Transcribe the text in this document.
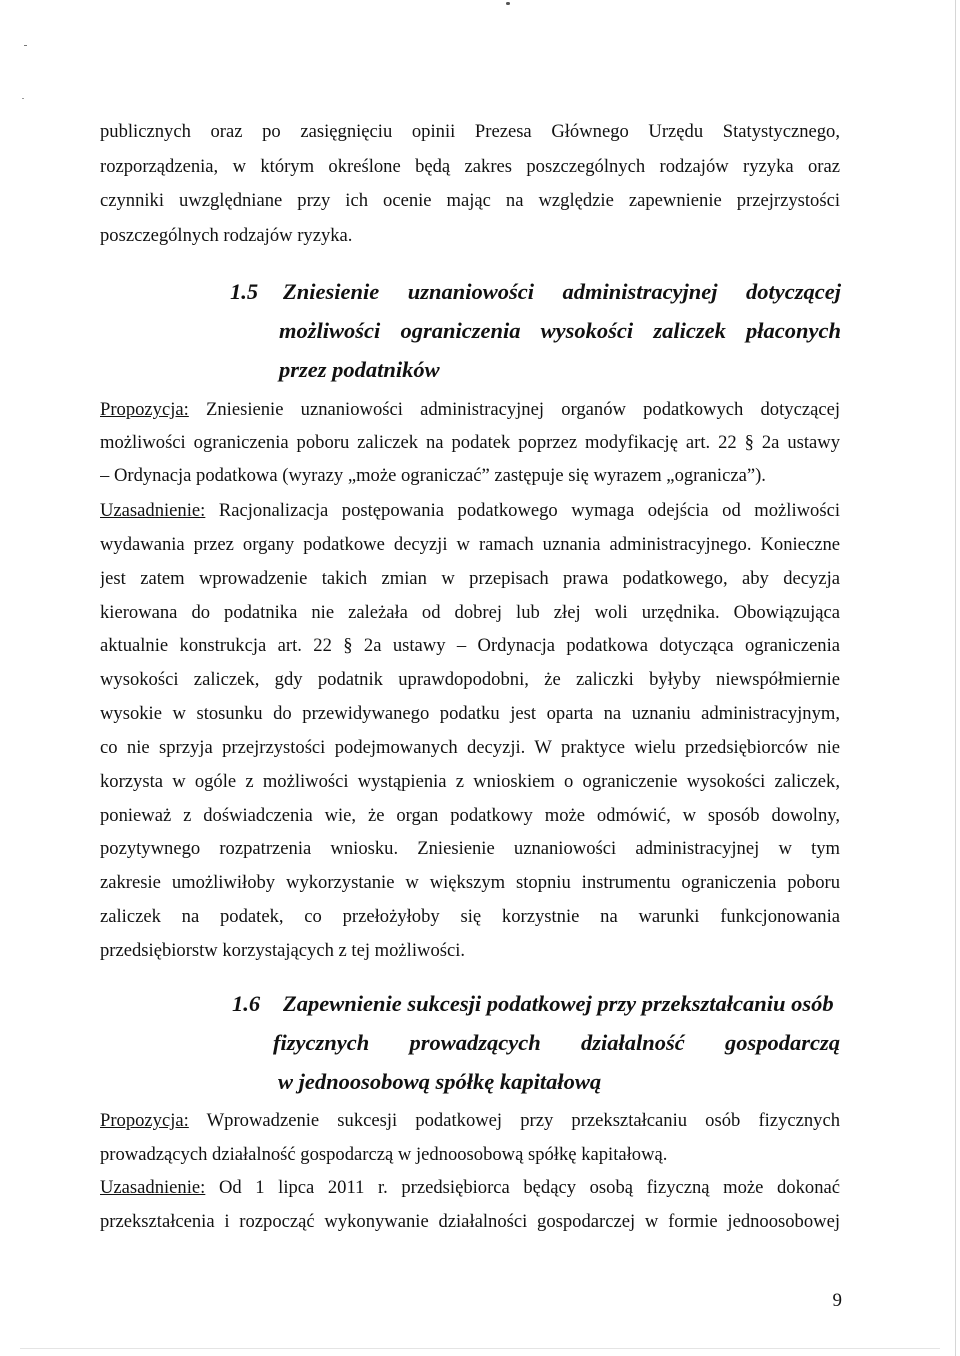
publicznych oraz po zasięgnięciu opinii Prezesa Głównego Urzędu Statystycznego,
rozporządzenia, w którym określone będą zakres poszczególnych rodzajów ryzyka oraz
czynniki uwzględniane przy ich ocenie mając na względzie zapewnienie przejrzystości
poszczególnych rodzajów ryzyka.
1.5	Zniesienie uznaniowości administracyjnej dotyczącej
możliwości ograniczenia wysokości zaliczek płaconych
przez podatników
Propozycja: Zniesienie uznaniowości administracyjnej organów podatkowych dotyczącej
możliwości ograniczenia poboru zaliczek na podatek poprzez modyfikację art. 22 § 2a ustawy
– Ordynacja podatkowa (wyrazy „może ograniczać” zastępuje się wyrazem „ogranicza”).
Uzasadnienie: Racjonalizacja postępowania podatkowego wymaga odejścia od możliwości
wydawania przez organy podatkowe decyzji w ramach uznania administracyjnego. Konieczne
jest zatem wprowadzenie takich zmian w przepisach prawa podatkowego, aby decyzja
kierowana do podatnika nie zależała od dobrej lub złej woli urzędnika. Obowiązująca
aktualnie konstrukcja art. 22 § 2a ustawy – Ordynacja podatkowa dotycząca ograniczenia
wysokości zaliczek, gdy podatnik uprawdopodobni, że zaliczki byłyby niewspółmiernie
wysokie w stosunku do przewidywanego podatku jest oparta na uznaniu administracyjnym,
co nie sprzyja przejrzystości podejmowanych decyzji. W praktyce wielu przedsiębiorców nie
korzysta w ogóle z możliwości wystąpienia z wnioskiem o ograniczenie wysokości zaliczek,
ponieważ z doświadczenia wie, że organ podatkowy może odmówić, w sposób dowolny,
pozytywnego rozpatrzenia wniosku. Zniesienie uznaniowości administracyjnej w tym
zakresie umożliwiłoby wykorzystanie w większym stopniu instrumentu ograniczenia poboru
zaliczek na podatek, co przełożyłoby się korzystnie na warunki funkcjonowania
przedsiębiorstw korzystających z tej możliwości.
1.6	Zapewnienie sukcesji podatkowej przy przekształcaniu osób
fizycznych prowadzących działalność gospodarczą
w jednoosobową spółkę kapitałową
Propozycja: Wprowadzenie sukcesji podatkowej przy przekształcaniu osób fizycznych
prowadzących działalność gospodarczą w jednoosobową spółkę kapitałową.
Uzasadnienie: Od 1 lipca 2011 r. przedsiębiorca będący osobą fizyczną może dokonać
przekształcenia i rozpocząć wykonywanie działalności gospodarczej w formie jednoosobowej
9
